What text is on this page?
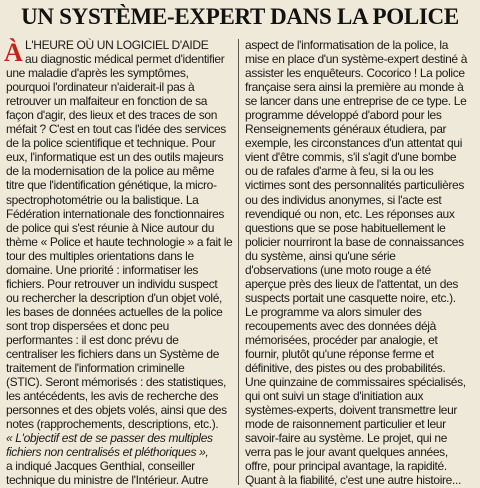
UN SYSTÈME-EXPERT DANS LA POLICE
À L'HEURE OÙ UN LOGICIEL D'AIDE
au diagnostic médical permet d'identifier
une maladie d'après les symptômes,
pourquoi l'ordinateur n'aiderait-il pas à
retrouver un malfaiteur en fonction de sa
façon d'agir, des lieux et des traces de son
méfait ? C'est en tout cas l'idée des services
de la police scientifique et technique. Pour
eux, l'informatique est un des outils majeurs
de la modernisation de la police au même
titre que l'identification génétique, la micro-
spectrophotométrie ou la balistique. La
Fédération internationale des fonctionnaires
de police qui s'est réunie à Nice autour du
thème « Police et haute technologie » a fait le
tour des multiples orientations dans le
domaine. Une priorité : informatiser les
fichiers. Pour retrouver un individu suspect
ou rechercher la description d'un objet volé,
les bases de données actuelles de la police
sont trop dispersées et donc peu
performantes : il est donc prévu de
centraliser les fichiers dans un Système de
traitement de l'information criminelle
(STIC). Seront mémorisés : des statistiques,
les antécédents, les avis de recherche des
personnes et des objets volés, ainsi que des
notes (rapprochements, descriptions, etc.).
« L'objectif est de se passer des multiples
fichiers non centralisés et pléthoriques »,
a indiqué Jacques Genthial, conseiller
technique du ministre de l'Intérieur. Autre
aspect de l'informatisation de la police, la
mise en place d'un système-expert destiné à
assister les enquêteurs. Cocorico ! La police
française sera ainsi la première au monde à
se lancer dans une entreprise de ce type. Le
programme développé d'abord pour les
Renseignements généraux étudiera, par
exemple, les circonstances d'un attentat qui
vient d'être commis, s'il s'agit d'une bombe
ou de rafales d'arme à feu, si la ou les
victimes sont des personnalités particulières
ou des individus anonymes, si l'acte est
revendiqué ou non, etc. Les réponses aux
questions que se pose habituellement le
policier nourriront la base de connaissances
du système, ainsi qu'une série
d'observations (une moto rouge a été
aperçue près des lieux de l'attentat, un des
suspects portait une casquette noire, etc.).
Le programme va alors simuler des
recoupements avec des données déjà
mémorisées, procéder par analogie, et
fournir, plutôt qu'une réponse ferme et
définitive, des pistes ou des probabilités.
Une quinzaine de commissaires spécialisés,
qui ont suivi un stage d'initiation aux
systèmes-experts, doivent transmettre leur
mode de raisonnement particulier et leur
savoir-faire au système. Le projet, qui ne
verra pas le jour avant quelques années,
offre, pour principal avantage, la rapidité.
Quant à la fiabilité, c'est une autre histoire...
